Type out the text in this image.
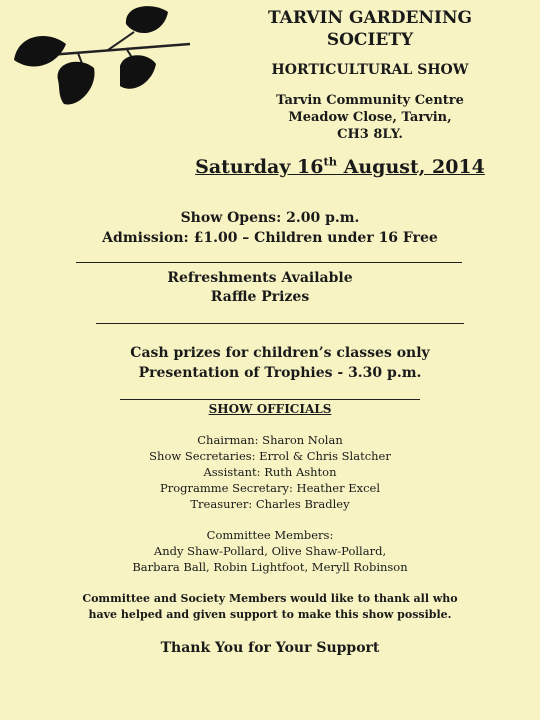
TARVIN GARDENING
SOCIETY
HORTICULTURAL SHOW
Tarvin Community Centre
Meadow Close, Tarvin,
CH3 8LY.
Saturday 16th August, 2014
Show Opens: 2.00 p.m.
Admission: £1.00 – Children under 16 Free
Refreshments Available
Raffle Prizes
Cash prizes for children’s classes only
Presentation of Trophies - 3.30 p.m.
SHOW OFFICIALS
Chairman: Sharon Nolan
Show Secretaries: Errol & Chris Slatcher
Assistant: Ruth Ashton
Programme Secretary: Heather Excel
Treasurer: Charles Bradley
Committee Members:
Andy Shaw-Pollard, Olive Shaw-Pollard,
Barbara Ball, Robin Lightfoot, Meryll Robinson
Committee and Society Members would like to thank all who
have helped and given support to make this show possible.
Thank You for Your Support
